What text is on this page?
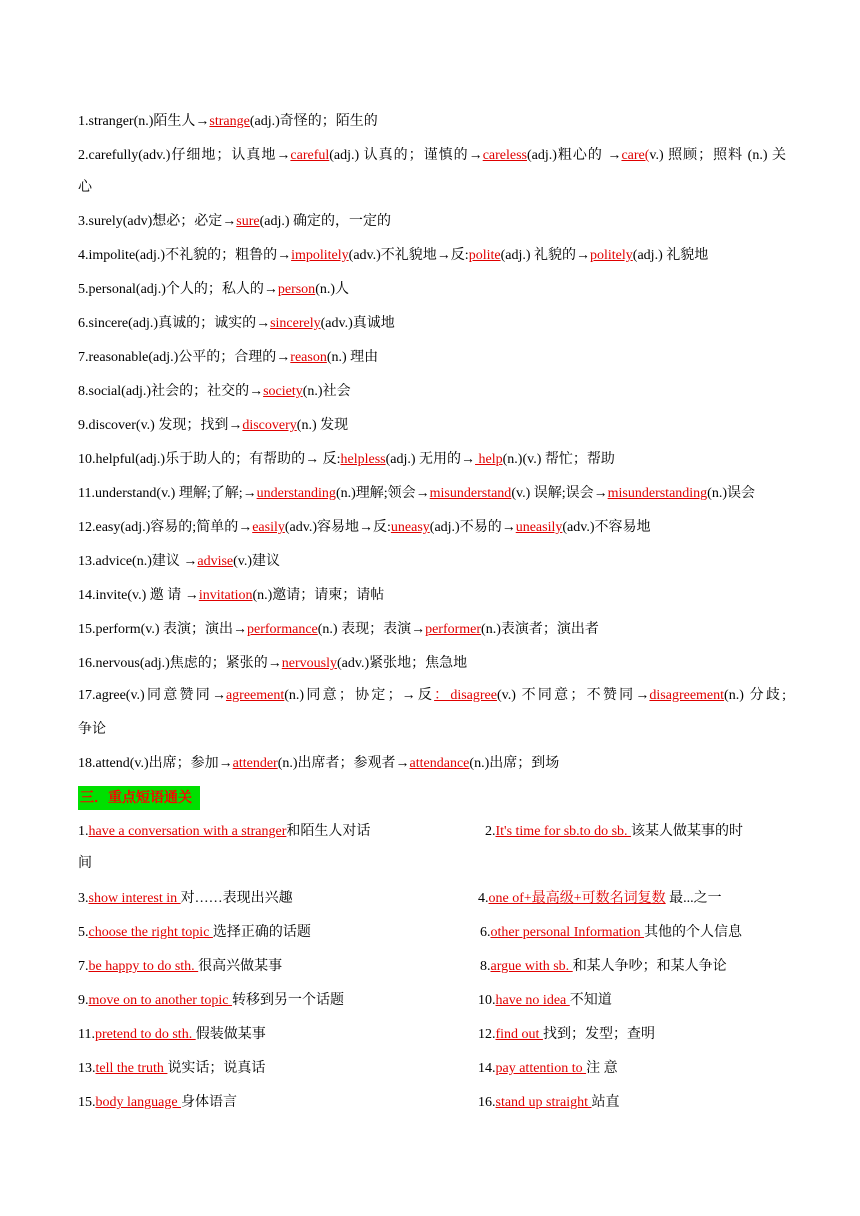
1.stranger(n.)陌生人→strange(adj.)奇怪的；陌生的
2.carefully(adv.)仔细地；认真地→careful(adj.) 认真的；谨慎的→careless(adj.)粗心的 →care(v.) 照顾；照料 (n.) 关
心
3.surely(adv)想必；必定→sure(adj.) 确定的，一定的
4.impolite(adj.)不礼貌的；粗鲁的→impolitely(adv.)不礼貌地→反:polite(adj.) 礼貌的→politely(adj.) 礼貌地
5.personal(adj.)个人的；私人的→person(n.)人
6.sincere(adj.)真诚的；诚实的→sincerely(adv.)真诚地
7.reasonable(adj.)公平的；合理的→reason(n.) 理由
8.social(adj.)社会的；社交的→society(n.)社会
9.discover(v.) 发现；找到→discovery(n.) 发现
10.helpful(adj.)乐于助人的；有帮助的→ 反:helpless(adj.) 无用的→ help(n.)(v.) 帮忙；帮助
11.understand(v.) 理解;了解;→understanding(n.)理解;领会→misunderstand(v.) 误解;误会→misunderstanding(n.)误会
12.easy(adj.)容易的;简单的→easily(adv.)容易地→反:uneasy(adj.)不易的→uneasily(adv.)不容易地
13.advice(n.)建议 →advise(v.)建议
14.invite(v.) 邀 请 →invitation(n.)邀请；请柬；请帖
15.perform(v.) 表演；演出→performance(n.) 表现；表演→performer(n.)表演者；演出者
16.nervous(adj.)焦虑的；紧张的→nervously(adv.)紧张地；焦急地
17.agree(v.)同意赞同→agreement(n.)同意；协定；→反：disagree(v.) 不同意；不赞同→disagreement(n.) 分歧;
争论
18.attend(v.)出席；参加→attender(n.)出席者；参观者→attendance(n.)出席；到场
三．重点短语通关
1.have a conversation with a stranger和陌生人对话	2.It's time for sb.to do sb. 该某人做某事的时
间
3.show interest in 对……表现出兴趣	4.one of+最高级+可数名词复数 最...之一
5.choose the right topic 选择正确的话题	6.other personal Information 其他的个人信息
7.be happy to do sth. 很高兴做某事	8.argue with sb. 和某人争吵；和某人争论
9.move on to another topic 转移到另一个话题	10.have no idea 不知道
11.pretend to do sth. 假装做某事	12.find out 找到；发型；查明
13.tell the truth 说实话；说真话	14.pay attention to 注 意
15.body language 身体语言	16.stand up straight 站直
